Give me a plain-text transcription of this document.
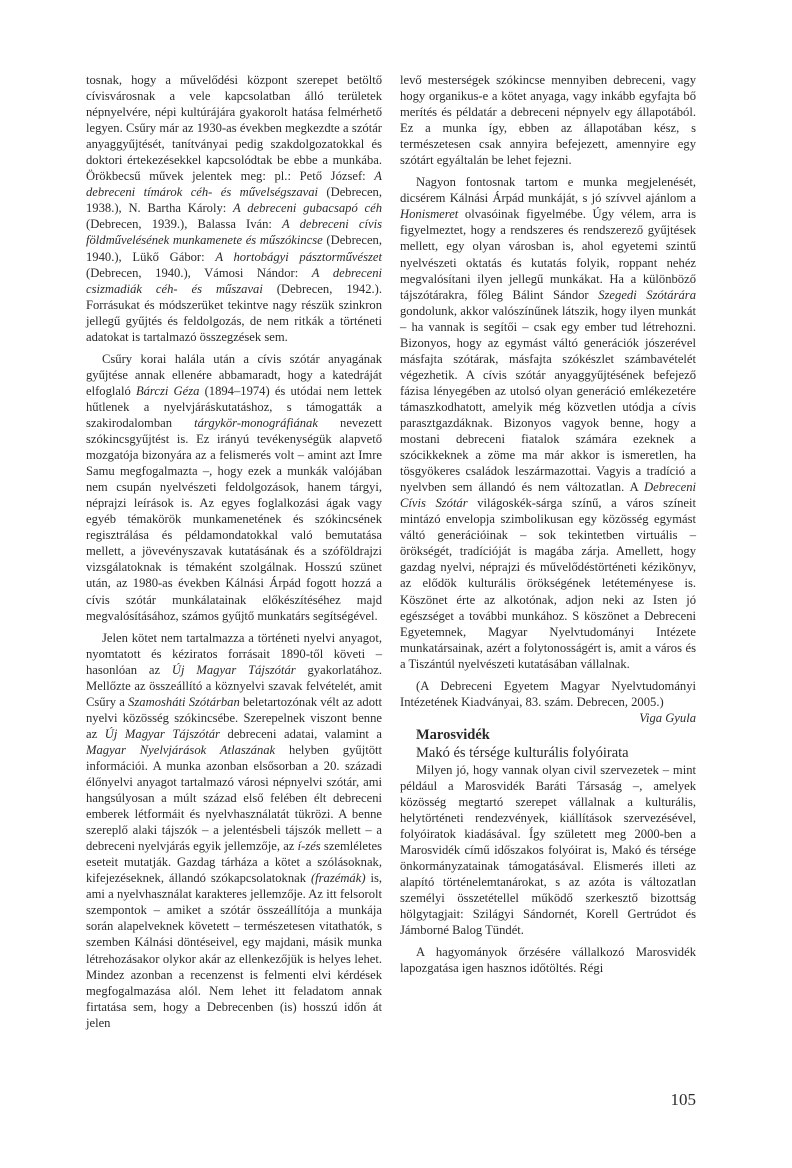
tosnak, hogy a művelődési központ szerepet betöltő cívisvárosnak a vele kapcsolatban álló területek népnyelvére, népi kultúrájára gyakorolt hatása felmérhető legyen. Csűry már az 1930-as években megkezdte a szótár anyaggyűjtését, tanítványai pedig szakdolgozatokkal és doktori értekezésekkel kapcsolódtak be ebbe a munkába. Örökbecsű művek jelentek meg: pl.: Pető József: A debreceni tímárok céh- és művelségszavai (Debrecen, 1938.), N. Bartha Károly: A debreceni gubacsapó céh (Debrecen, 1939.), Balassa Iván: A debreceni cívis földművelésének munkamenete és műszókincse (Debrecen, 1940.), Lükő Gábor: A hortobágyi pásztorművészet (Debrecen, 1940.), Vámosi Nándor: A debreceni csizmadiák céh- és műszavai (Debrecen, 1942.). Forrásukat és módszerüket tekintve nagy részük szinkron jellegű gyűjtés és feldolgozás, de nem ritkák a történeti adatokat is tartalmazó összegzések sem.

Csűry korai halála után a cívis szótár anyagának gyűjtése annak ellenére abbamaradt, hogy a katedráját elfoglaló Bárczi Géza (1894–1974) és utódai nem lettek hűtlenek a nyelvjáráskutatáshoz, s támogatták a szakirodalomban tárgykör-monográfiának nevezett szókincsgyűjtést is. Ez irányú tevékenységük alapvető mozgatója bizonyára az a felismerés volt – amint azt Imre Samu megfogalmazta –, hogy ezek a munkák valójában nem csupán nyelvészeti feldolgozások, hanem tárgyi, néprajzi leírások is. Az egyes foglalkozási ágak vagy egyéb témakörök munkamenetének és szókincsének regisztrálása és példamondatokkal való bemutatása mellett, a jövevényszavak kutatásának és a szóföldrajzi vizsgálatoknak is témaként szolgálnak. Hosszú szünet után, az 1980-as években Kálnási Árpád fogott hozzá a cívis szótár munkálatainak előkészítéséhez majd megvalósításához, számos gyűjtő munkatárs segítségével.

Jelen kötet nem tartalmazza a történeti nyelvi anyagot, nyomtatott és kéziratos forrásait 1890-től követi – hasonlóan az Új Magyar Tájszótár gyakorlatához. Mellőzte az összeállító a köznyelvi szavak felvételét, amit Csűry a Szamosháti Szótárban beletartozónak vélt az adott nyelvi közösség szókincsébe. Szerepelnek viszont benne az Új Magyar Tájszótár debreceni adatai, valamint a Magyar Nyelvjárások Atlaszának helyben gyűjtött információi. A munka azonban elsősorban a 20. századi élőnyelvi anyagot tartalmazó városi népnyelvi szótár, ami hangsúlyosan a múlt század első felében élt debreceni emberek létformáit és nyelvhasználatát tükrözi. A benne szereplő alaki tájszók – a jelentésbeli tájszók mellett – a debreceni nyelvjárás egyik jellemzője, az í-zés szemléletes eseteit mutatják. Gazdag tárháza a kötet a szólásoknak, kifejezéseknek, állandó szókapcsolatoknak (frazémák) is, ami a nyelvhasználat karakteres jellemzője. Az itt felsorolt szempontok – amiket a szótár összeállítója a munkája során alapelveknek követett – természetesen vitathatók, s szemben Kálnási döntéseivel, egy majdani, másik munka létrehozásakor olykor akár az ellenkezőjük is helyes lehet. Mindez azonban a recenzenst is felmenti elvi kérdések megfogalmazása alól. Nem lehet itt feladatom annak firtatása sem, hogy a Debrecenben (is) hosszú időn át jelen

levő mesterségek szókincse mennyiben debreceni, vagy hogy organikus-e a kötet anyaga, vagy inkább egyfajta bő merítés és példatár a debreceni népnyelv egy állapotából. Ez a munka így, ebben az állapotában kész, s természetesen csak annyira befejezett, amennyire egy szótárt egyáltalán be lehet fejezni.

Nagyon fontosnak tartom e munka megjelenését, dicsérem Kálnási Árpád munkáját, s jó szívvel ajánlom a Honismeret olvasóinak figyelmébe. Úgy vélem, arra is figyelmeztet, hogy a rendszeres és rendszerező gyűjtések mellett, egy olyan városban is, ahol egyetemi szintű nyelvészeti oktatás és kutatás folyik, roppant nehéz megvalósítani ilyen jellegű munkákat. Ha a különböző tájszótárakra, főleg Bálint Sándor Szegedi Szótárára gondolunk, akkor valószínűnek látszik, hogy ilyen munkát – ha vannak is segítői – csak egy ember tud létrehozni. Bizonyos, hogy az egymást váltó generációk jószerével másfajta szótárak, másfajta szókészlet számbavételét végezhetik. A cívis szótár anyaggyűjtésének befejező fázisa lényegében az utolsó olyan generáció emlékezetére támaszkodhatott, amelyik még közvetlen utódja a cívis parasztgazdáknak. Bizonyos vagyok benne, hogy a mostani debreceni fiatalok számára ezeknek a szócikkeknek a zöme ma már akkor is ismeretlen, ha tösgyökeres családok leszármazottai. Vagyis a tradíció a nyelvben sem állandó és nem változatlan. A Debreceni Cívis Szótár világoskék-sárga színű, a város színeit mintázó envelopja szimbolikusan egy közösség egymást váltó generációinak – sok tekintetben virtuális – örökségét, tradícióját is magába zárja. Amellett, hogy gazdag nyelvi, néprajzi és művelődéstörténeti kézikönyv, az elődök kulturális örökségének letéteményese is. Köszönet érte az alkotónak, adjon neki az Isten jó egészséget a további munkához. S köszönet a Debreceni Egyetemnek, Magyar Nyelvtudományi Intézete munkatársainak, azért a folytonosságért is, amit a város és a Tiszántúl nyelvészeti kutatásában vállalnak.

(A Debreceni Egyetem Magyar Nyelvtudományi Intézetének Kiadványai, 83. szám. Debrecen, 2005.)

Viga Gyula

Marosvidék

Makó és térsége kulturális folyóirata

Milyen jó, hogy vannak olyan civil szervezetek – mint például a Marosvidék Baráti Társaság –, amelyek közösség megtartó szerepet vállalnak a kulturális, helytörténeti rendezvények, kiállítások szervezésével, folyóiratok kiadásával. Így született meg 2000-ben a Marosvidék című időszakos folyóirat is, Makó és térsége önkormányzatainak támogatásával. Elismerés illeti az alapító történelemtanárokat, s az azóta is változatlan személyi összetétellel működő szerkesztő bizottság hölgytagjait: Szilágyi Sándornét, Korell Gertrúdot és Jámborné Balog Tündét.

A hagyományok őrzésére vállalkozó Marosvidék lapozgatása igen hasznos időtöltés. Régi

105
